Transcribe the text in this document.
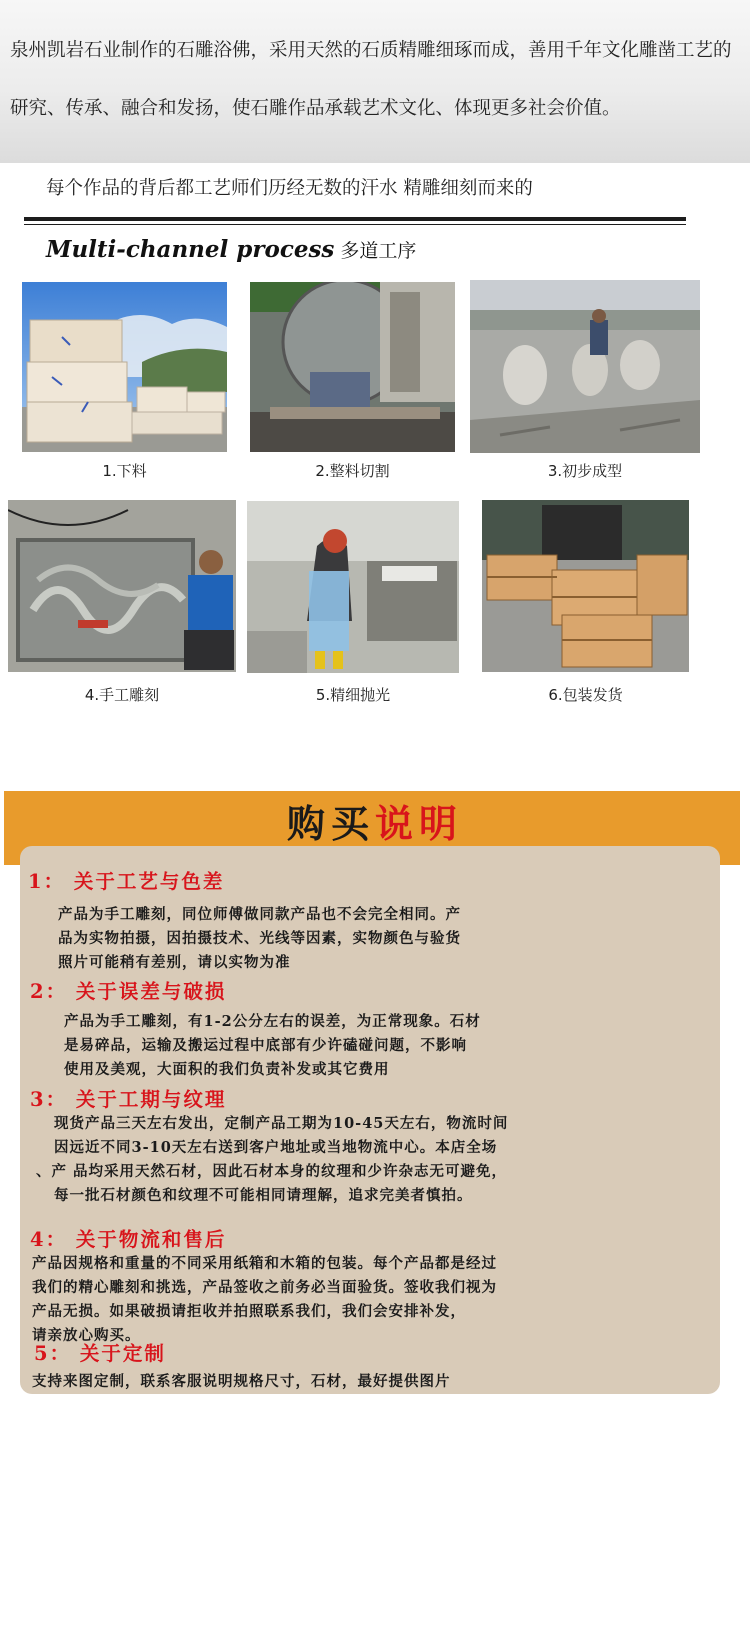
泉州凯岩石业制作的石雕浴佛，采用天然的石质精雕细琢而成，善用千年文化雕凿工艺的
研究、传承、融合和发扬，使石雕作品承载艺术文化、体现更多社会价值。

每个作品的背后都工艺师们历经无数的汗水 精雕细刻而来的

Multi-channel process 多道工序
1.下料	2.整料切割	3.初步成型
4.手工雕刻	5.精细抛光	6.包装发货
购买说明
1： 关于工艺与色差
产品为手工雕刻，同位师傅做同款产品也不会完全相同。产
品为实物拍摄，因拍摄技术、光线等因素，实物颜色与验货
照片可能稍有差别，请以实物为准
2： 关于误差与破损
产品为手工雕刻，有1-2公分左右的误差，为正常现象。石材
是易碎品，运输及搬运过程中底部有少许磕碰问题，不影响
使用及美观，大面积的我们负责补发或其它费用
3： 关于工期与纹理
现货产品三天左右发出，定制产品工期为10-45天左右，物流时间
因远近不同3-10天左右送到客户地址或当地物流中心。本店全场
、产 品均采用天然石材，因此石材本身的纹理和少许杂志无可避免，
每一批石材颜色和纹理不可能相同请理解，追求完美者慎拍。
4： 关于物流和售后
产品因规格和重量的不同采用纸箱和木箱的包装。每个产品都是经过
我们的精心雕刻和挑选，产品签收之前务必当面验货。签收我们视为
产品无损。如果破损请拒收并拍照联系我们，我们会安排补发，
请亲放心购买。
5： 关于定制
支持来图定制，联系客服说明规格尺寸，石材，最好提供图片
